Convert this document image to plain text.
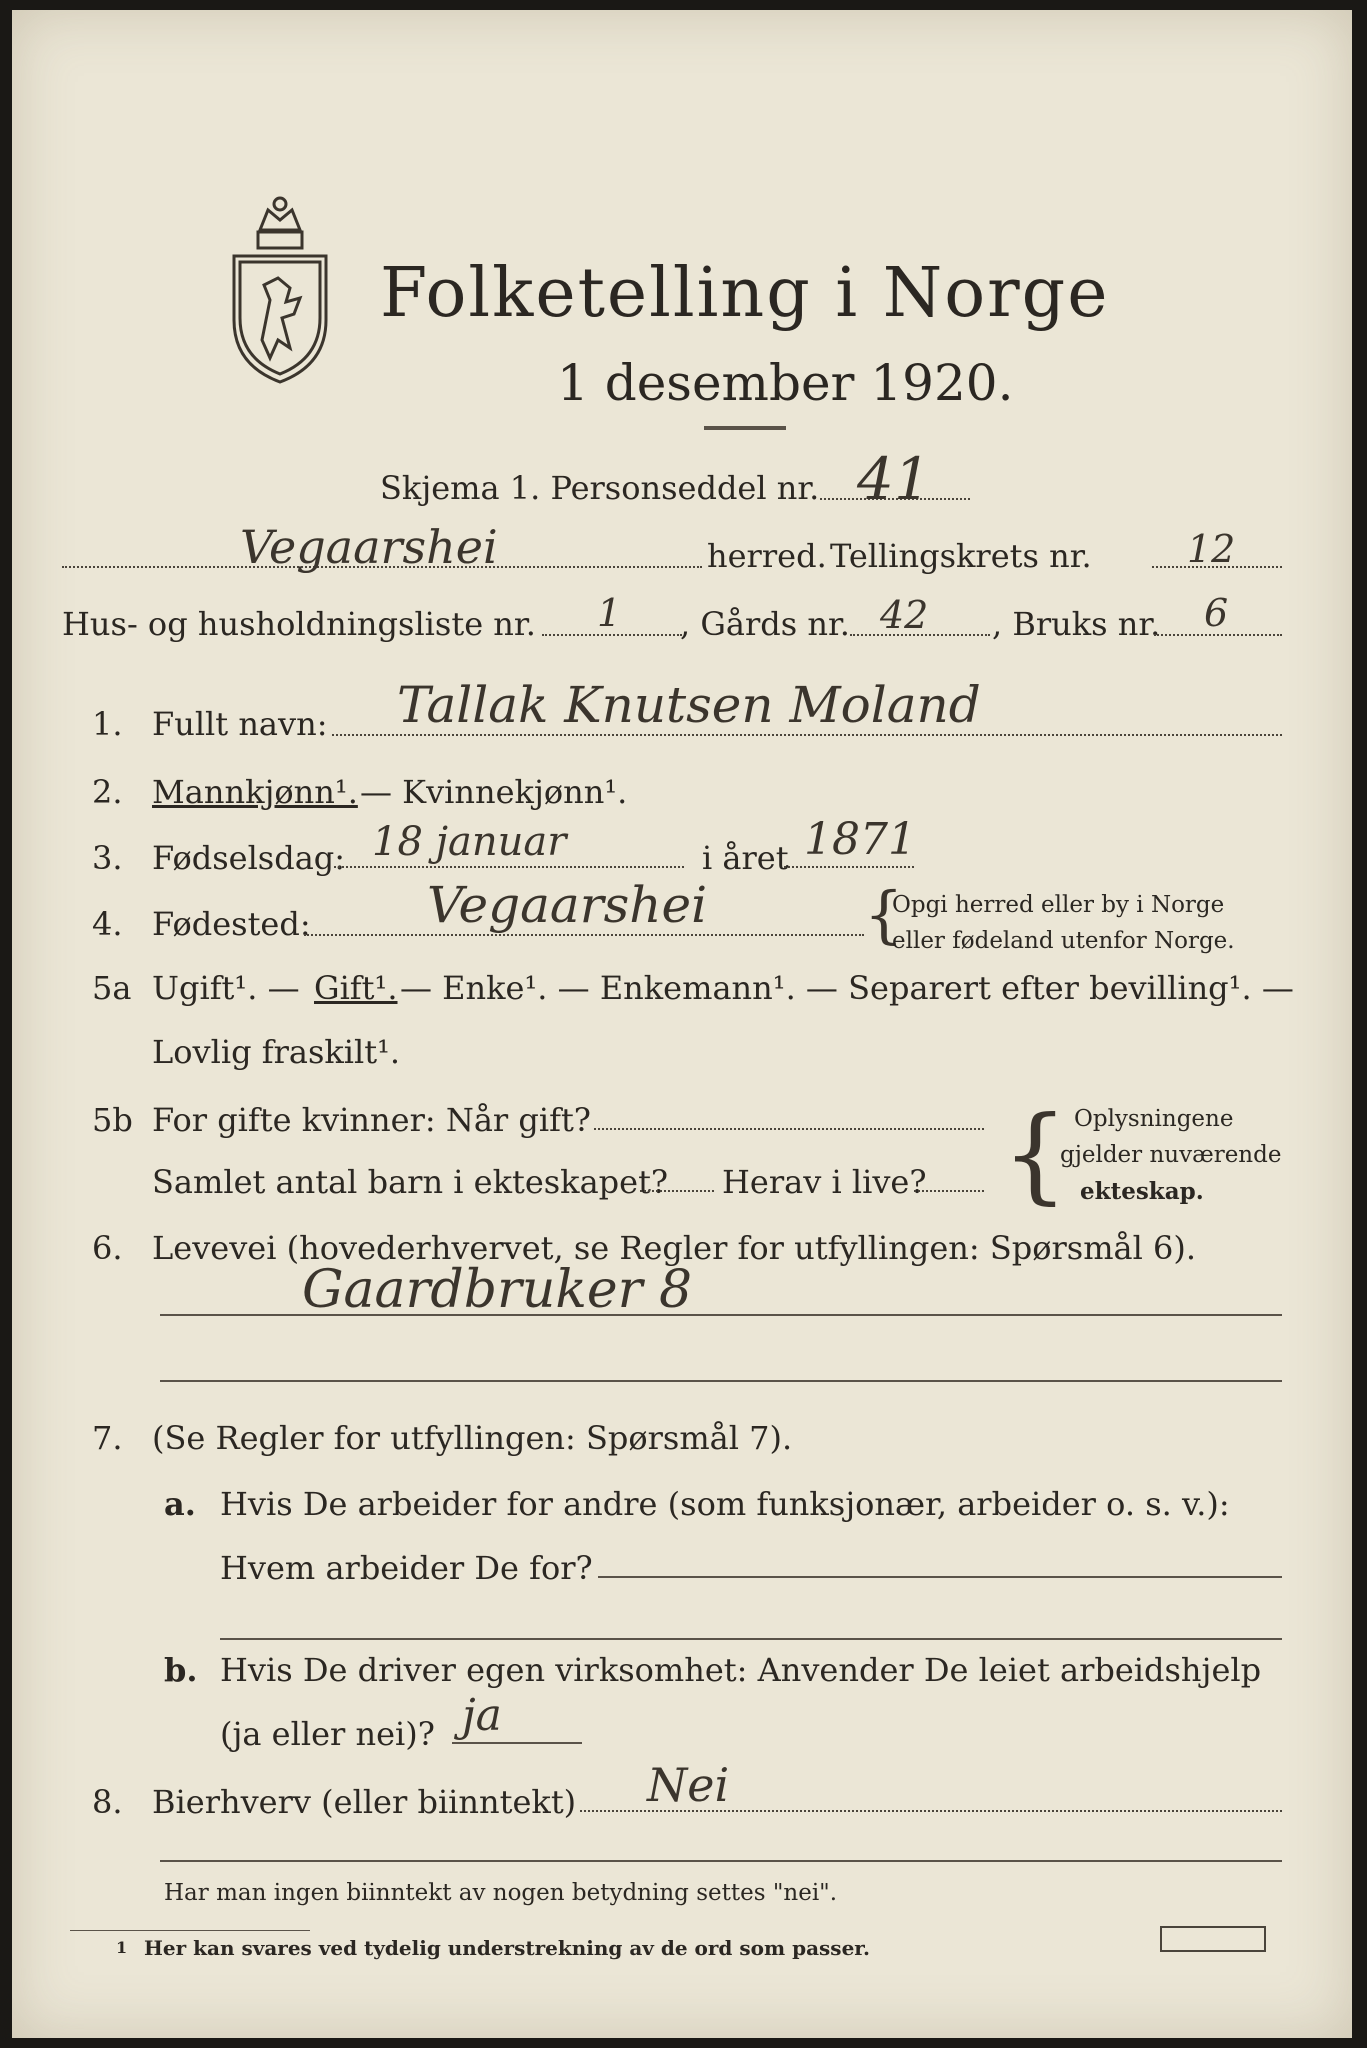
Folketelling i Norge
1 desember 1920.
Skjema 1. Personseddel nr. 41
Vegaarshei	herred. Tellingskrets nr.	12
Hus- og husholdningsliste nr. 1 , Gårds nr. 42 , Bruks nr. 6
1. Fullt navn: Tallak Knutsen Moland
2. Mannkjønn¹. — Kvinnekjønn¹.
3. Fødselsdag: 18 januar	i året 1871
4. Fødested: Vegaarshei	{
Opgi herred eller by i Norge
eller fødeland utenfor Norge.
5a Ugift¹. — Gift¹. — Enke¹. — Enkemann¹. — Separert efter bevilling¹. —
Lovlig fraskilt¹.
5b For gifte kvinner: Når gift?
Samlet antal barn i ekteskapet? Herav i live? { Oplysningene
gjelder nuværende
ekteskap.
6. Levevei (hovederhvervet, se Regler for utfyllingen: Spørsmål 6).
Gaardbruker 8
7. (Se Regler for utfyllingen: Spørsmål 7).
a. Hvis De arbeider for andre (som funksjonær, arbeider o. s. v.):
Hvem arbeider De for?
b. Hvis De driver egen virksomhet: Anvender De leiet arbeidshjelp
(ja eller nei)? ja
8. Bierhverv (eller biinntekt) Nei
Har man ingen biinntekt av nogen betydning settes "nei".
1 Her kan svares ved tydelig understrekning av de ord som passer.
